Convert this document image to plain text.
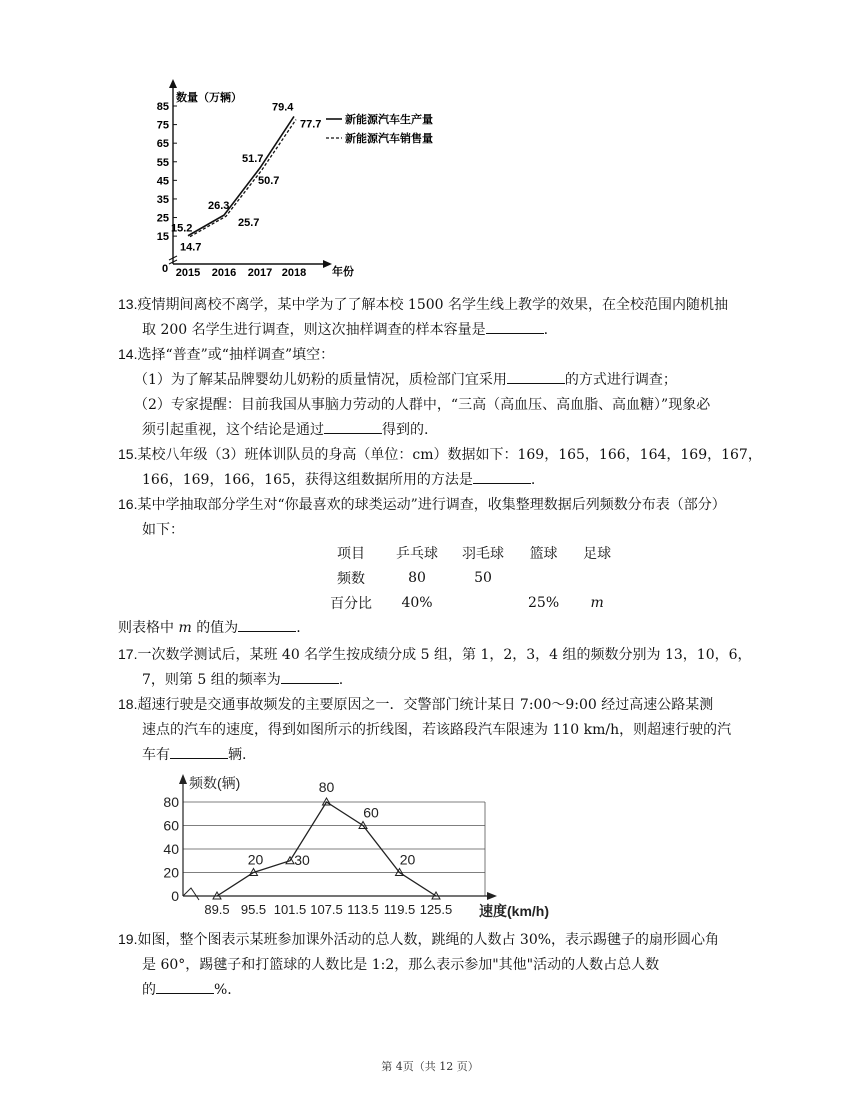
数量（万辆）
年份
0
15
25
35
45
55
65
75
85
2015 2016 2017 2018
15.2
26.3
51.7
79.4
14.7
25.7
50.7
77.7 新能源汽车生产量
新能源汽车销售量
13.疫情期间离校不离学，某中学为了了解本校 1500 名学生线上教学的效果，在全校范围内随机抽
取 200 名学生进行调查，则这次抽样调查的样本容量是	.
14.选择“普查”或“抽样调查”填空：
（1）为了解某品牌婴幼儿奶粉的质量情况，质检部门宜采用	的方式进行调查；
（2）专家提醒：目前我国从事脑力劳动的人群中，“三高（高血压、高血脂、高血糖）”现象必
须引起重视，这个结论是通过	得到的.
15.某校八年级（3）班体训队员的身高（单位：cm）数据如下：169，165，166，164，169，167，
166，169，166，165，获得这组数据所用的方法是	.
16.某中学抽取部分学生对“你最喜欢的球类运动”进行调查，收集整理数据后列频数分布表（部分）
如下：
项目	乒乓球	羽毛球	篮球	足球
频数	80	50		
百分比	40%		25%	m
则表格中 m 的值为	.
17.一次数学测试后，某班 40 名学生按成绩分成 5 组，第 1，2，3，4 组的频数分别为 13，10，6，
7，则第 5 组的频率为	.
18.超速行驶是交通事故频发的主要原因之一．交警部门统计某日 7:00～9:00 经过高速公路某测
速点的汽车的速度，得到如图所示的折线图，若该路段汽车限速为 110 km/h，则超速行驶的汽
车有	辆.
20
40
60
80
频数(辆)
速度(km/h)
0
89.5 95.5 101.5 107.5 113.5 119.5 125.5
20 30
80
60
20
19.如图，整个图表示某班参加课外活动的总人数，跳绳的人数占 30%，表示踢毽子的扇形圆心角
是 60°，踢毽子和打篮球的人数比是 1:2，那么表示参加"其他"活动的人数占总人数
的	%.
第 4页（共 12 页）
